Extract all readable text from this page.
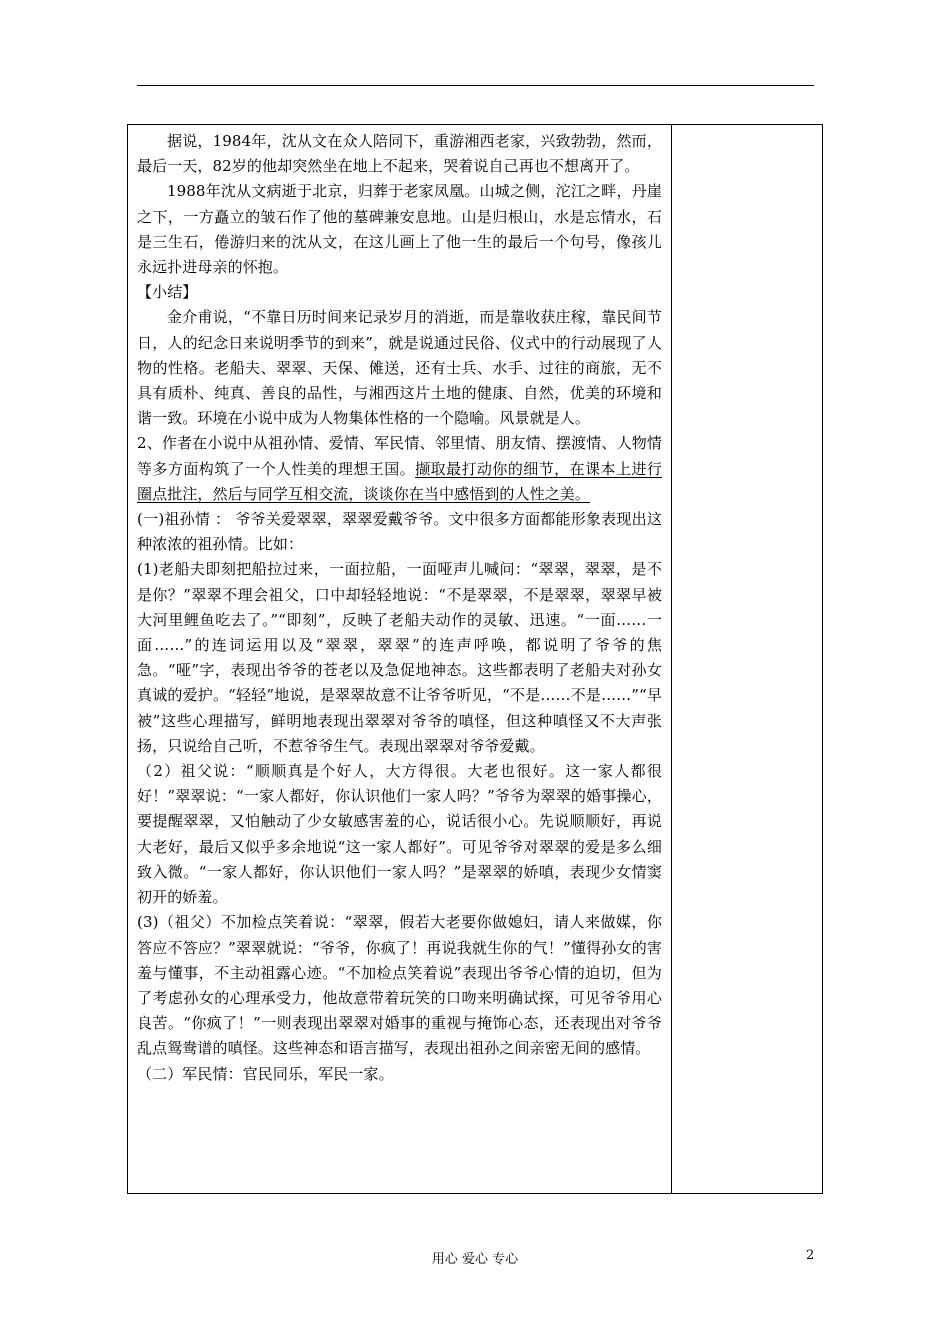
据说，1984年，沈从文在众人陪同下，重游湘西老家，兴致勃勃，然而，最后一天，82岁的他却突然坐在地上不起来，哭着说自己再也不想离开了。

1988年沈从文病逝于北京，归葬于老家凤凰。山城之侧，沱江之畔，丹崖之下，一方矗立的皱石作了他的墓碑兼安息地。山是归根山，水是忘情水，石是三生石，倦游归来的沈从文，在这儿画上了他一生的最后一个句号，像孩儿永远扑进母亲的怀抱。

【小结】

金介甫说，“不靠日历时间来记录岁月的消逝，而是靠收获庄稼，靠民间节日，人的纪念日来说明季节的到来”，就是说通过民俗、仪式中的行动展现了人物的性格。老船夫、翠翠、天保、傩送，还有士兵、水手、过往的商旅，无不具有质朴、纯真、善良的品性，与湘西这片土地的健康、自然，优美的环境和谐一致。环境在小说中成为人物集体性格的一个隐喻。风景就是人。

2、作者在小说中从祖孙情、爱情、军民情、邻里情、朋友情、摆渡情、人物情等多方面构筑了一个人性美的理想王国。撷取最打动你的细节，在课本上进行圈点批注，然后与同学互相交流，谈谈你在当中感悟到的人性之美。

(一)祖孙情 ： 爷爷关爱翠翠，翠翠爱戴爷爷。文中很多方面都能形象表现出这种浓浓的祖孙情。比如：

(1)老船夫即刻把船拉过来，一面拉船，一面哑声儿喊问：“翠翠，翠翠，是不是你？”翠翠不理会祖父，口中却轻轻地说：“不是翠翠，不是翠翠，翠翠早被大河里鲤鱼吃去了。”“即刻”，反映了老船夫动作的灵敏、迅速。“一面……一面……”的连词运用以及“翠翠，翠翠”的连声呼唤，都说明了爷爷的焦急。“哑”字，表现出爷爷的苍老以及急促地神态。这些都表明了老船夫对孙女真诚的爱护。“轻轻”地说，是翠翠故意不让爷爷听见，“不是……不是……”“早被”这些心理描写，鲜明地表现出翠翠对爷爷的嗔怪，但这种嗔怪又不大声张扬，只说给自己听，不惹爷爷生气。表现出翠翠对爷爷爱戴。

（2）祖父说：“顺顺真是个好人，大方得很。大老也很好。这一家人都很好！”翠翠说：“一家人都好，你认识他们一家人吗？”爷爷为翠翠的婚事操心，要提醒翠翠，又怕触动了少女敏感害羞的心，说话很小心。先说顺顺好，再说大老好，最后又似乎多余地说“这一家人都好”。可见爷爷对翠翠的爱是多么细致入微。“一家人都好，你认识他们一家人吗？”是翠翠的娇嗔，表现少女情窦初开的娇羞。

(3)（祖父）不加检点笑着说：“翠翠，假若大老要你做媳妇，请人来做媒，你答应不答应？”翠翠就说：“爷爷，你疯了！再说我就生你的气！”懂得孙女的害羞与懂事，不主动祖露心迹。“不加检点笑着说”表现出爷爷心情的迫切，但为了考虑孙女的心理承受力，他故意带着玩笑的口吻来明确试探，可见爷爷用心良苦。“你疯了！”一则表现出翠翠对婚事的重视与掩饰心态，还表现出对爷爷乱点鸳鸯谱的嗔怪。这些神态和语言描写，表现出祖孙之间亲密无间的感情。

（二）军民情：官民同乐，军民一家。

用心 爱心 专心	2
